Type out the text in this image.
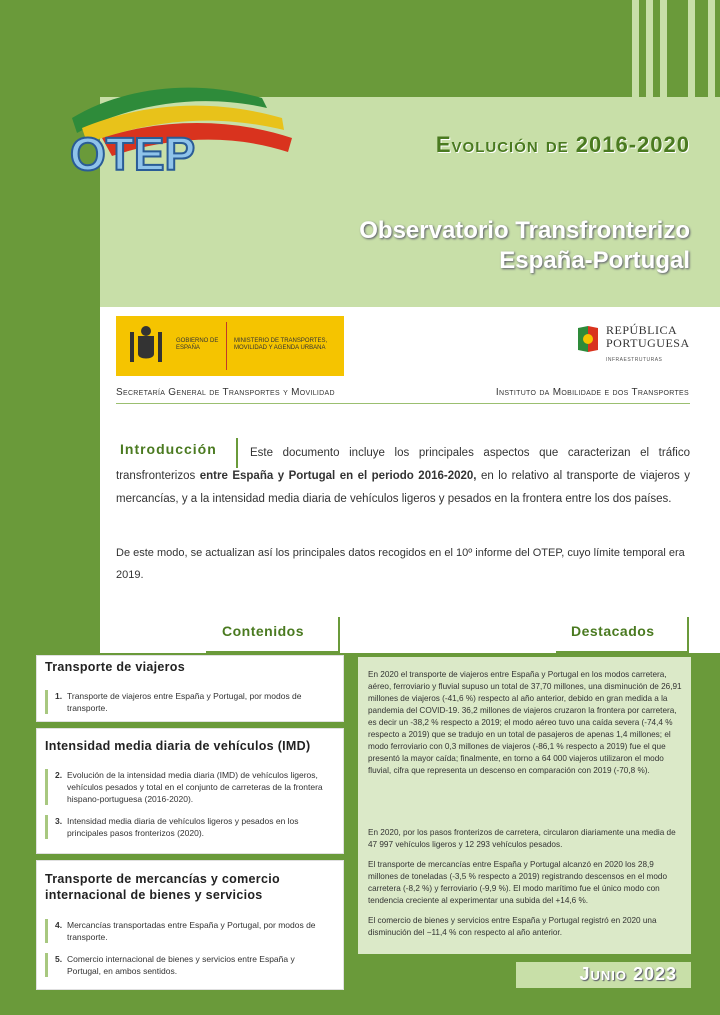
OTEP	Evolución de 2016-2020
Observatorio Transfronterizo
España-Portugal
GOBIERNO DE ESPAÑA
MINISTERIO DE TRANSPORTES, MOVILIDAD Y AGENDA URBANA
REPÚBLICA
PORTUGUESA
INFRAESTRUTURAS
Secretaría General de Transportes y Movilidad	Instituto da Mobilidade e dos Transportes
Este documento incluye los principales aspectos que caracterizan el tráfico transfronterizos entre España y Portugal en el periodo 2016-2020, en lo relativo al transporte de viajeros y mercancías, y a la intensidad media diaria de vehículos ligeros y pesados en la frontera entre los dos países.
Introducción
De este modo, se actualizan así los principales datos recogidos en el 10º informe del OTEP, cuyo límite temporal era 2019.
Contenidos	Destacados
Transporte de viajeros
1. Transporte de viajeros entre España y Portugal, por modos de transporte.
Intensidad media diaria de vehículos (IMD)
2. Evolución de la intensidad media diaria (IMD) de vehículos ligeros, vehículos pesados y total en el conjunto de carreteras de la frontera hispano-portuguesa (2016-2020).
3. Intensidad media diaria de vehículos ligeros y pesados en los principales pasos fronterizos (2020).
Transporte de mercancías y comercio
internacional de bienes y servicios
4. Mercancías transportadas entre España y Portugal, por modos de transporte.
5. Comercio internacional de bienes y servicios entre España y Portugal, en ambos sentidos.
En 2020 el transporte de viajeros entre España y Portugal en los modos carretera, aéreo, ferroviario y fluvial supuso un total de 37,70 millones, una disminución de 26,91 millones de viajeros (-41,6 %) respecto al año anterior, debido en gran medida a la pandemia del COVID-19. 36,2 millones de viajeros cruzaron la frontera por carretera, es decir un -38,2 % respecto a 2019; el modo aéreo tuvo una caída severa (-74,4 % respecto a 2019) que se tradujo en un total de pasajeros de apenas 1,4 millones; el modo ferroviario con 0,3 millones de viajeros (-86,1 % respecto a 2019) fue el que presentó la mayor caída; finalmente, en torno a 64 000 viajeros utilizaron el modo fluvial, cifra que representa un descenso en comparación con 2019 (-70,8 %).
En 2020, por los pasos fronterizos de carretera, circularon diariamente una media de 47 997 vehículos ligeros y 12 293 vehículos pesados.
El transporte de mercancías entre España y Portugal alcanzó en 2020 los 28,9 millones de toneladas (-3,5 % respecto a 2019) registrando descensos en el modo carretera (-8,2 %) y ferroviario (-9,9 %). El modo marítimo fue el único modo con tendencia creciente al experimentar una subida del +14,6 %.
El comercio de bienes y servicios entre España y Portugal registró en 2020 una disminución del −11,4 % con respecto al año anterior.
Junio 2023
